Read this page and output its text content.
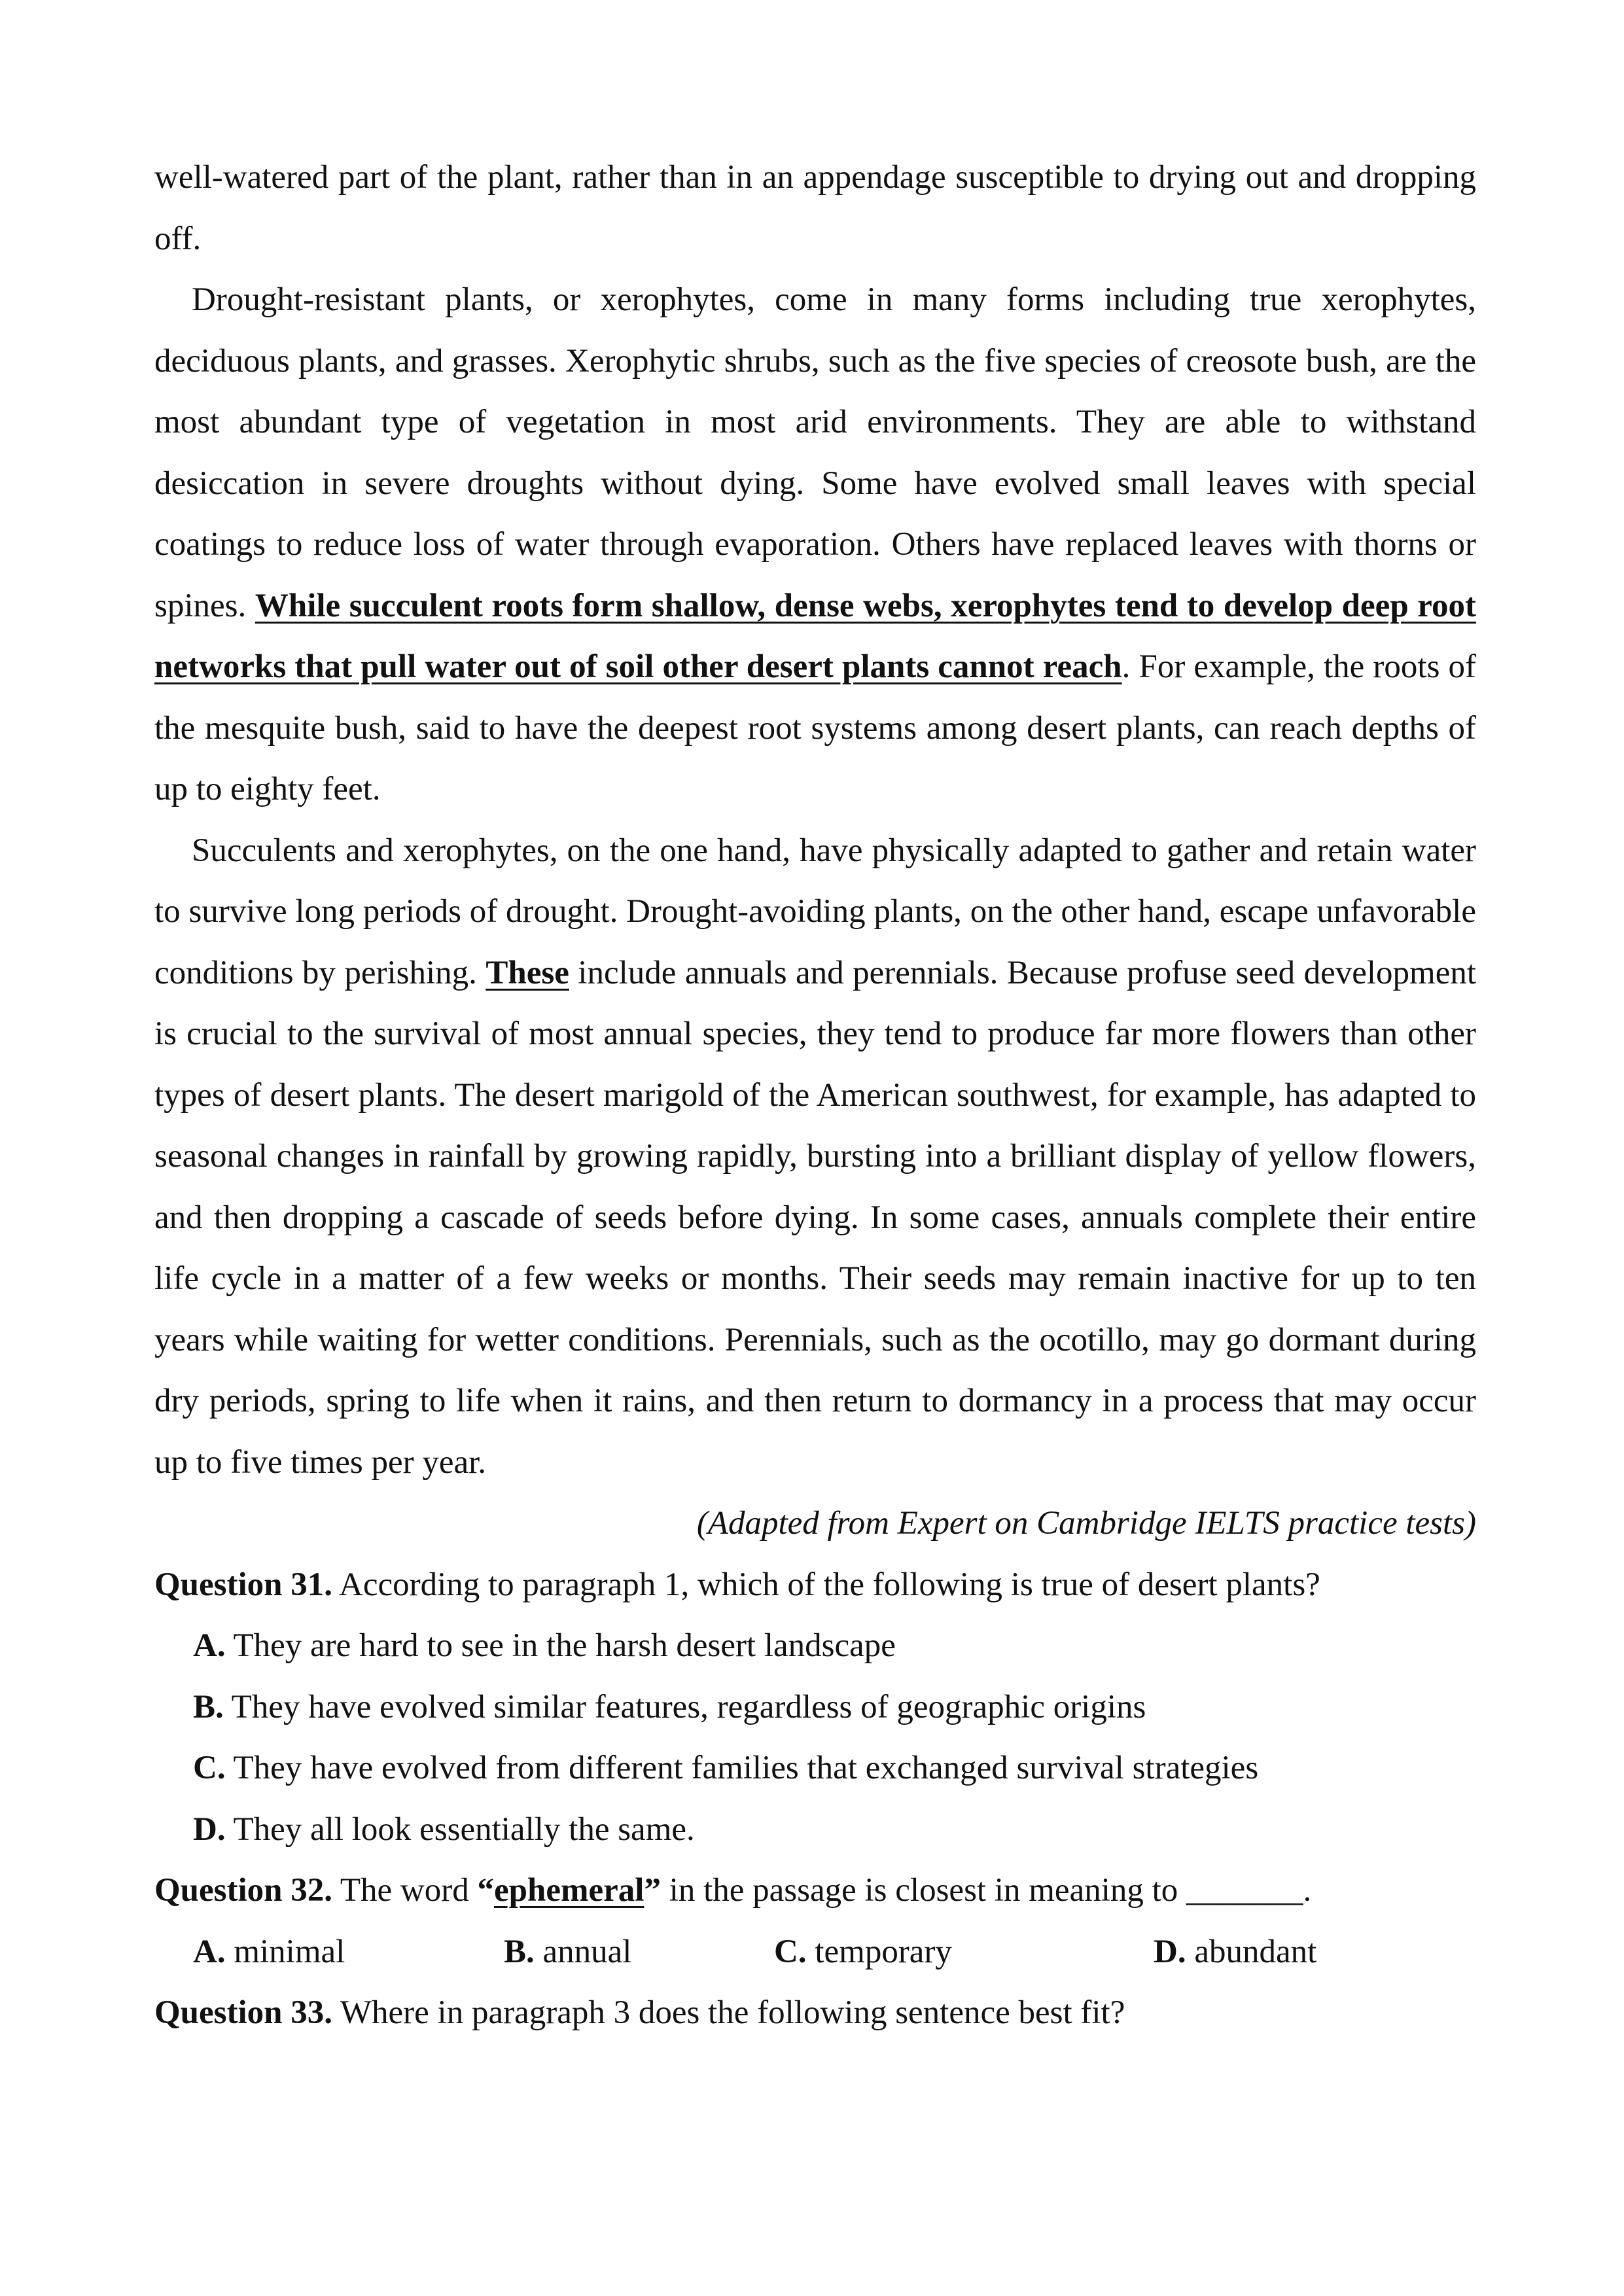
well-watered part of the plant, rather than in an appendage susceptible to drying out and dropping off.

Drought-resistant plants, or xerophytes, come in many forms including true xerophytes, deciduous plants, and grasses. Xerophytic shrubs, such as the five species of creosote bush, are the most abundant type of vegetation in most arid environments. They are able to withstand desiccation in severe droughts without dying. Some have evolved small leaves with special coatings to reduce loss of water through evaporation. Others have replaced leaves with thorns or spines. While succulent roots form shallow, dense webs, xerophytes tend to develop deep root networks that pull water out of soil other desert plants cannot reach. For example, the roots of the mesquite bush, said to have the deepest root systems among desert plants, can reach depths of up to eighty feet.

Succulents and xerophytes, on the one hand, have physically adapted to gather and retain water to survive long periods of drought. Drought-avoiding plants, on the other hand, escape unfavorable conditions by perishing. These include annuals and perennials. Because profuse seed development is crucial to the survival of most annual species, they tend to produce far more flowers than other types of desert plants. The desert marigold of the American southwest, for example, has adapted to seasonal changes in rainfall by growing rapidly, bursting into a brilliant display of yellow flowers, and then dropping a cascade of seeds before dying. In some cases, annuals complete their entire life cycle in a matter of a few weeks or months. Their seeds may remain inactive for up to ten years while waiting for wetter conditions. Perennials, such as the ocotillo, may go dormant during dry periods, spring to life when it rains, and then return to dormancy in a process that may occur up to five times per year.

(Adapted from Expert on Cambridge IELTS practice tests)

Question 31. According to paragraph 1, which of the following is true of desert plants?

A. They are hard to see in the harsh desert landscape

B. They have evolved similar features, regardless of geographic origins

C. They have evolved from different families that exchanged survival strategies

D. They all look essentially the same.

Question 32. The word “ephemeral” in the passage is closest in meaning to _______.

A. minimal	B. annual	C. temporary	D. abundant

Question 33. Where in paragraph 3 does the following sentence best fit?
